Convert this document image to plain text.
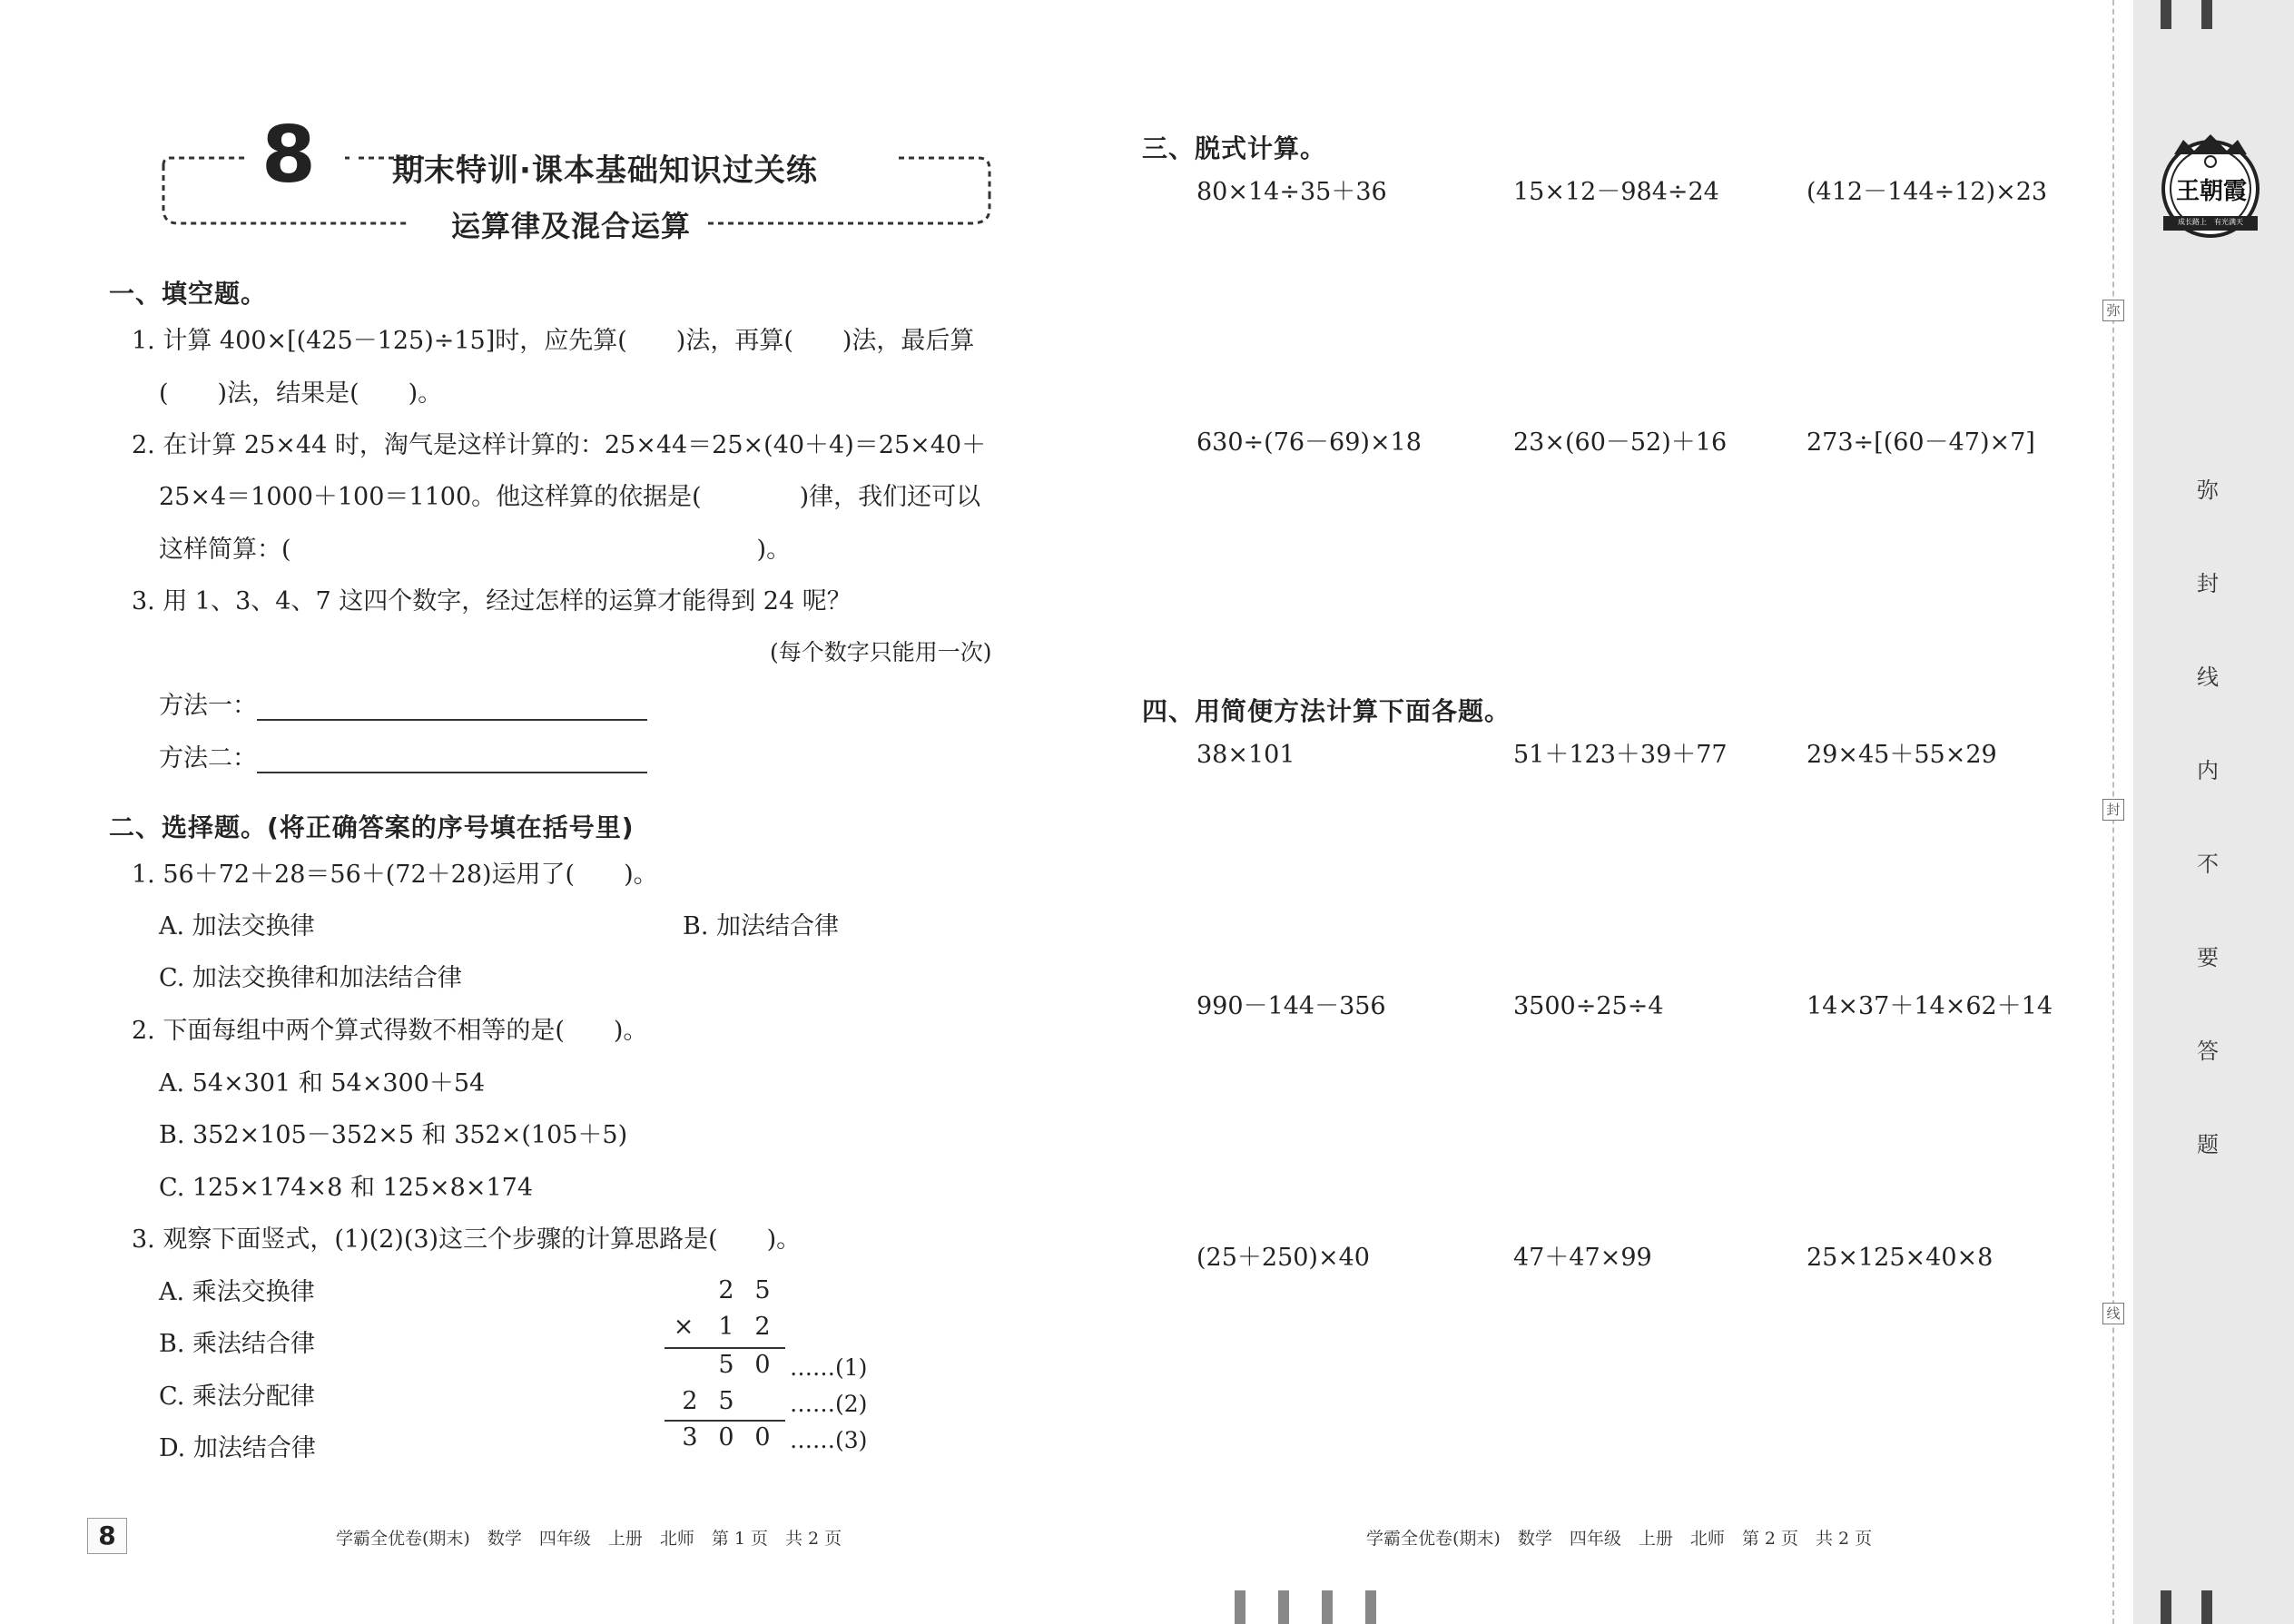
8 期末特训·课本基础知识过关练
运算律及混合运算
一、填空题。
1. 计算 400×[(425－125)÷15]时，应先算(　　)法，再算(　　)法，最后算
(　　)法，结果是(　　)。
2. 在计算 25×44 时，淘气是这样计算的：25×44＝25×(40＋4)＝25×40＋
25×4＝1000＋100＝1100。他这样算的依据是(　　　　)律，我们还可以
这样简算：(　　　　　　　　　　　　　　　　　　　)。
3. 用 1、3、4、7 这四个数字，经过怎样的运算才能得到 24 呢？
(每个数字只能用一次)
方法一：
方法二：
二、选择题。(将正确答案的序号填在括号里)
1. 56＋72＋28＝56＋(72＋28)运用了(　　)。
A. 加法交换律	B. 加法结合律
C. 加法交换律和加法结合律
2. 下面每组中两个算式得数不相等的是(　　)。
A. 54×301 和 54×300＋54
B. 352×105－352×5 和 352×(105＋5)
C. 125×174×8 和 125×8×174
3. 观察下面竖式，(1)(2)(3)这三个步骤的计算思路是(　　)。
A. 乘法交换律
B. 乘法结合律
C. 乘法分配律
D. 加法结合律
2 5
× 1 2
5 0 ……(1)
2 5 ……(2)
3 0 0 ……(3)
三、脱式计算。
80×14÷35＋36	15×12－984÷24	(412－144÷12)×23
630÷(76－69)×18	23×(60－52)＋16	273÷[(60－47)×7]
四、用简便方法计算下面各题。
38×101	51＋123＋39＋77	29×45＋55×29
990－144－356	3500÷25÷4	14×37＋14×62＋14
(25＋250)×40	47＋47×99	25×125×40×8
8	学霸全优卷(期末)　数学　四年级　上册　北师　第 1 页　共 2 页	学霸全优卷(期末)　数学　四年级　上册　北师　第 2 页　共 2 页
弥
封
线
王朝霞
成长路上　有光满天
弥
封
线
内
不
要
答
题
